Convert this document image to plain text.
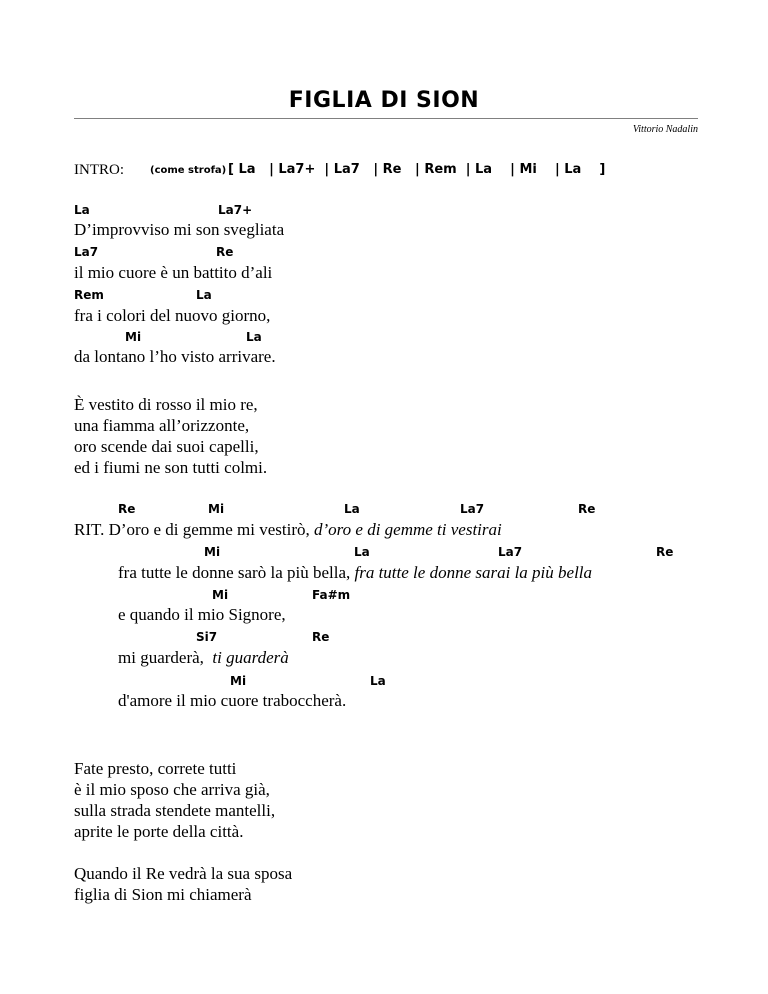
FIGLIA DI SION
Vittorio Nadalin
INTRO:	(come strofa) [ La   | La7+  | La7   | Re   | Rem  | La    | Mi    | La    ]
La	La7+
D’improvviso mi son svegliata
La7	Re
il mio cuore è un battito d’ali
Rem	La
fra i colori del nuovo giorno,
Mi	La
da lontano l’ho visto arrivare.
È vestito di rosso il mio re,
una fiamma all’orizzonte,
oro scende dai suoi capelli,
ed i fiumi ne son tutti colmi.
Re	Mi	La	La7	Re
RIT. D’oro e di gemme mi vestirò, d’oro e di gemme ti vestirai
Mi	La	La7	Re
fra tutte le donne sarò la più bella, fra tutte le donne sarai la più bella
Mi	Fa#m
e quando il mio Signore,
Si7	Re
mi guarderà,  ti guarderà
Mi	La
d'amore il mio cuore traboccherà.
Fate presto, correte tutti
è il mio sposo che arriva già,
sulla strada stendete mantelli,
aprite le porte della città.
Quando il Re vedrà la sua sposa
figlia di Sion mi chiamerà
